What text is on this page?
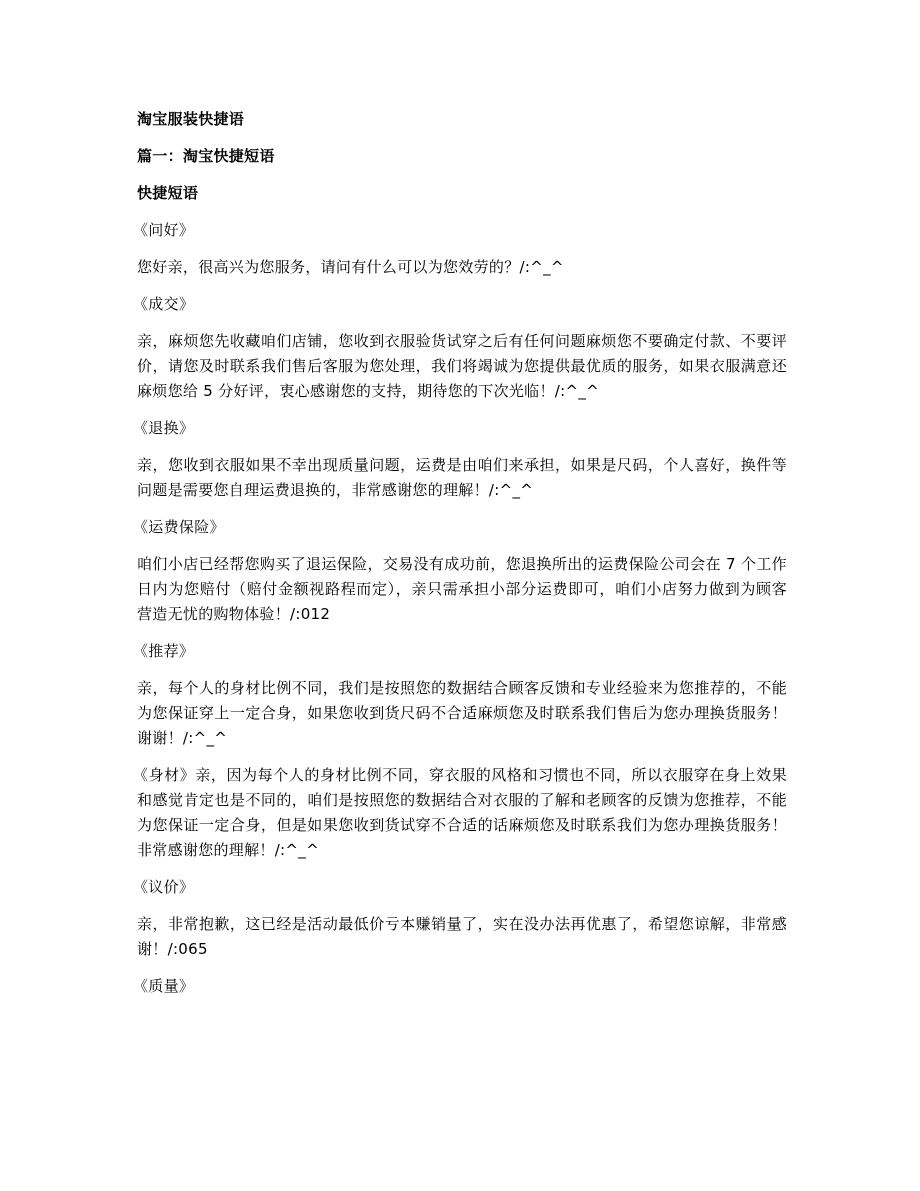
淘宝服装快捷语

篇一：淘宝快捷短语

快捷短语

《问好》

您好亲，很高兴为您服务，请问有什么可以为您效劳的？/:^_^

《成交》

亲，麻烦您先收藏咱们店铺，您收到衣服验货试穿之后有任何问题麻烦您不要确定付款、不要评价，请您及时联系我们售后客服为您处理，我们将竭诚为您提供最优质的服务，如果衣服满意还麻烦您给 5 分好评，衷心感谢您的支持，期待您的下次光临！/:^_^

《退换》

亲，您收到衣服如果不幸出现质量问题，运费是由咱们来承担，如果是尺码，个人喜好，换件等问题是需要您自理运费退换的，非常感谢您的理解！/:^_^

《运费保险》

咱们小店已经帮您购买了退运保险，交易没有成功前，您退换所出的运费保险公司会在 7 个工作日内为您赔付（赔付金额视路程而定），亲只需承担小部分运费即可，咱们小店努力做到为顾客营造无忧的购物体验！/:012

《推荐》

亲，每个人的身材比例不同，我们是按照您的数据结合顾客反馈和专业经验来为您推荐的，不能为您保证穿上一定合身，如果您收到货尺码不合适麻烦您及时联系我们售后为您办理换货服务！谢谢！/:^_^

《身材》亲，因为每个人的身材比例不同，穿衣服的风格和习惯也不同，所以衣服穿在身上效果和感觉肯定也是不同的，咱们是按照您的数据结合对衣服的了解和老顾客的反馈为您推荐，不能为您保证一定合身，但是如果您收到货试穿不合适的话麻烦您及时联系我们为您办理换货服务！非常感谢您的理解！/:^_^

《议价》

亲，非常抱歉，这已经是活动最低价亏本赚销量了，实在没办法再优惠了，希望您谅解，非常感谢！/:065

《质量》
